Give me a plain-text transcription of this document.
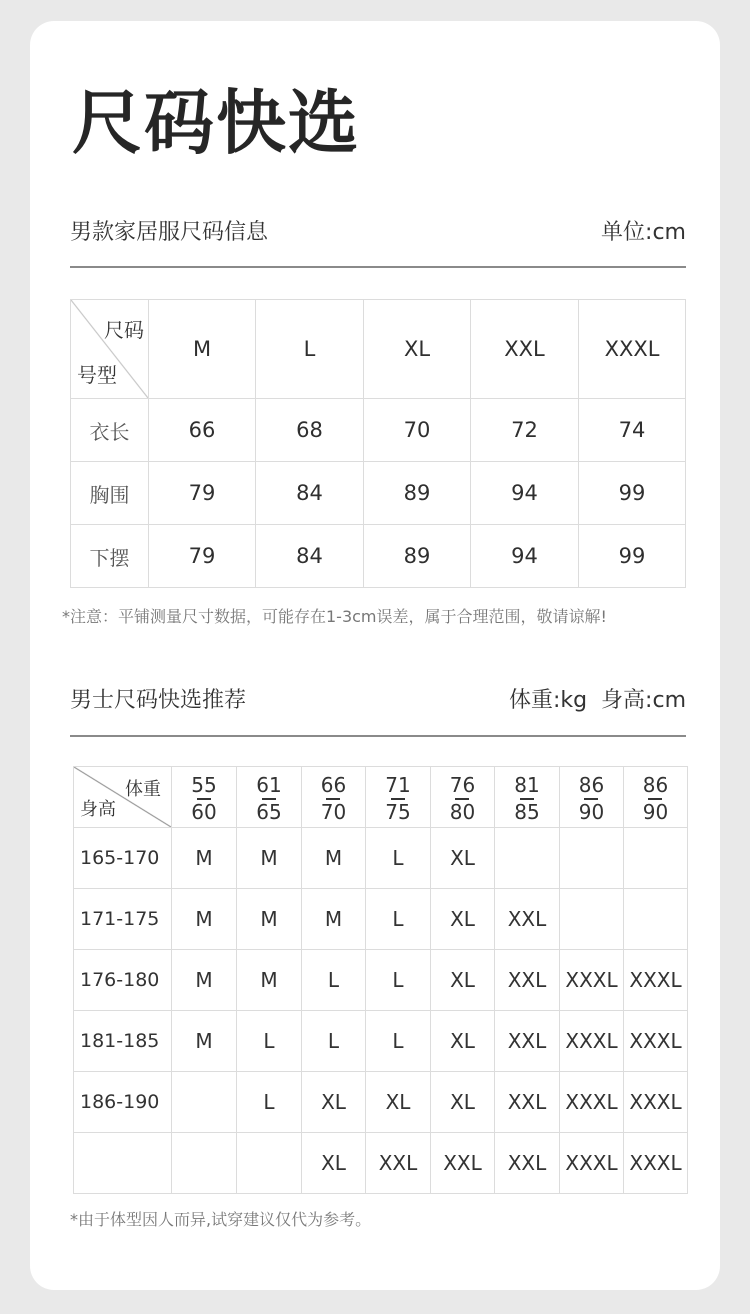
尺码快选
男款家居服尺码信息	单位:cm
尺码
号型	M	L	XL	XXL	XXXL
衣长	66	68	70	72	74
胸围	79	84	89	94	99
下摆	79	84	89	94	99
*注意：平铺测量尺寸数据，可能存在1-3cm误差，属于合理范围，敬请谅解!
男士尺码快选推荐	体重:kg  身高:cm
体重
身高	$\frac{55}{60}$	$\frac{61}{65}$	$\frac{66}{70}$	$\frac{71}{75}$	$\frac{76}{80}$	$\frac{81}{85}$	$\frac{86}{90}$	$\frac{86}{90}$

165-170	M	M	M	L	XL			
171-175	M	M	M	L	XL	XXL		
176-180	M	M	L	L	XL	XXL	XXXL	XXXL
181-185	M	L	L	L	XL	XXL	XXXL	XXXL
186-190		L	XL	XL	XL	XXL	XXXL	XXXL
			XL	XXL	XXL	XXL	XXXL	XXXL
*由于体型因人而异,试穿建议仅代为参考。
